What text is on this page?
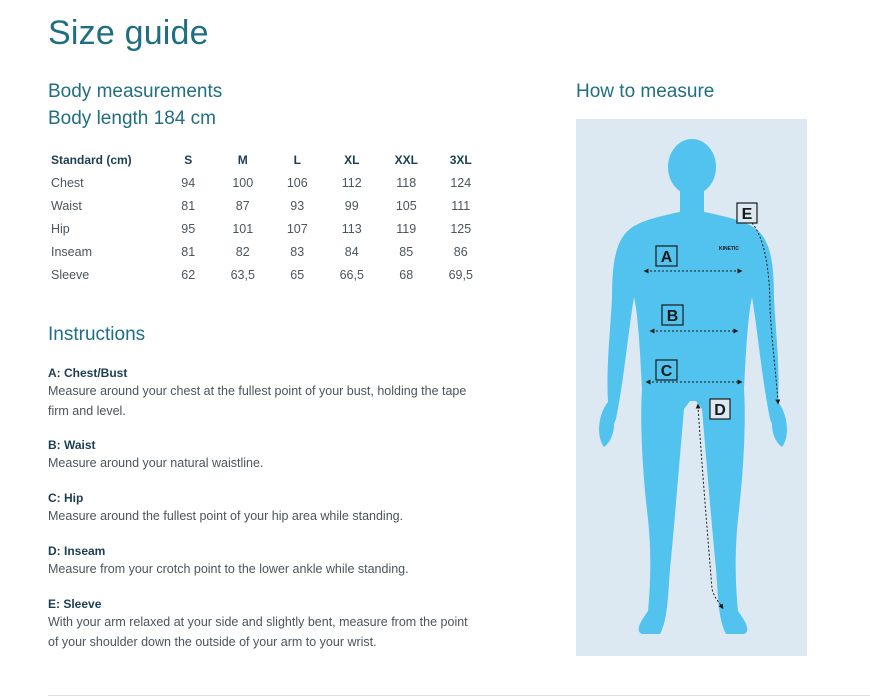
Size guide
Body measurements
Body length 184 cm
Standard (cm)	S	M	L	XL	XXL	3XL
Chest	94	100	106	112	118	124
Waist	81	87	93	99	105	111
Hip	95	101	107	113	119	125
Inseam	81	82	83	84	85	86
Sleeve	62	63,5	65	66,5	68	69,5
Instructions
A: Chest/Bust
Measure around your chest at the fullest point of your bust, holding the tape firm and level.
B: Waist
Measure around your natural waistline.
C: Hip
Measure around the fullest point of your hip area while standing.
D: Inseam
Measure from your crotch point to the lower ankle while standing.
E: Sleeve
With your arm relaxed at your side and slightly bent, measure from the point of your shoulder down the outside of your arm to your wrist.
How to measure
KINETIC
A
B
C
D
E
